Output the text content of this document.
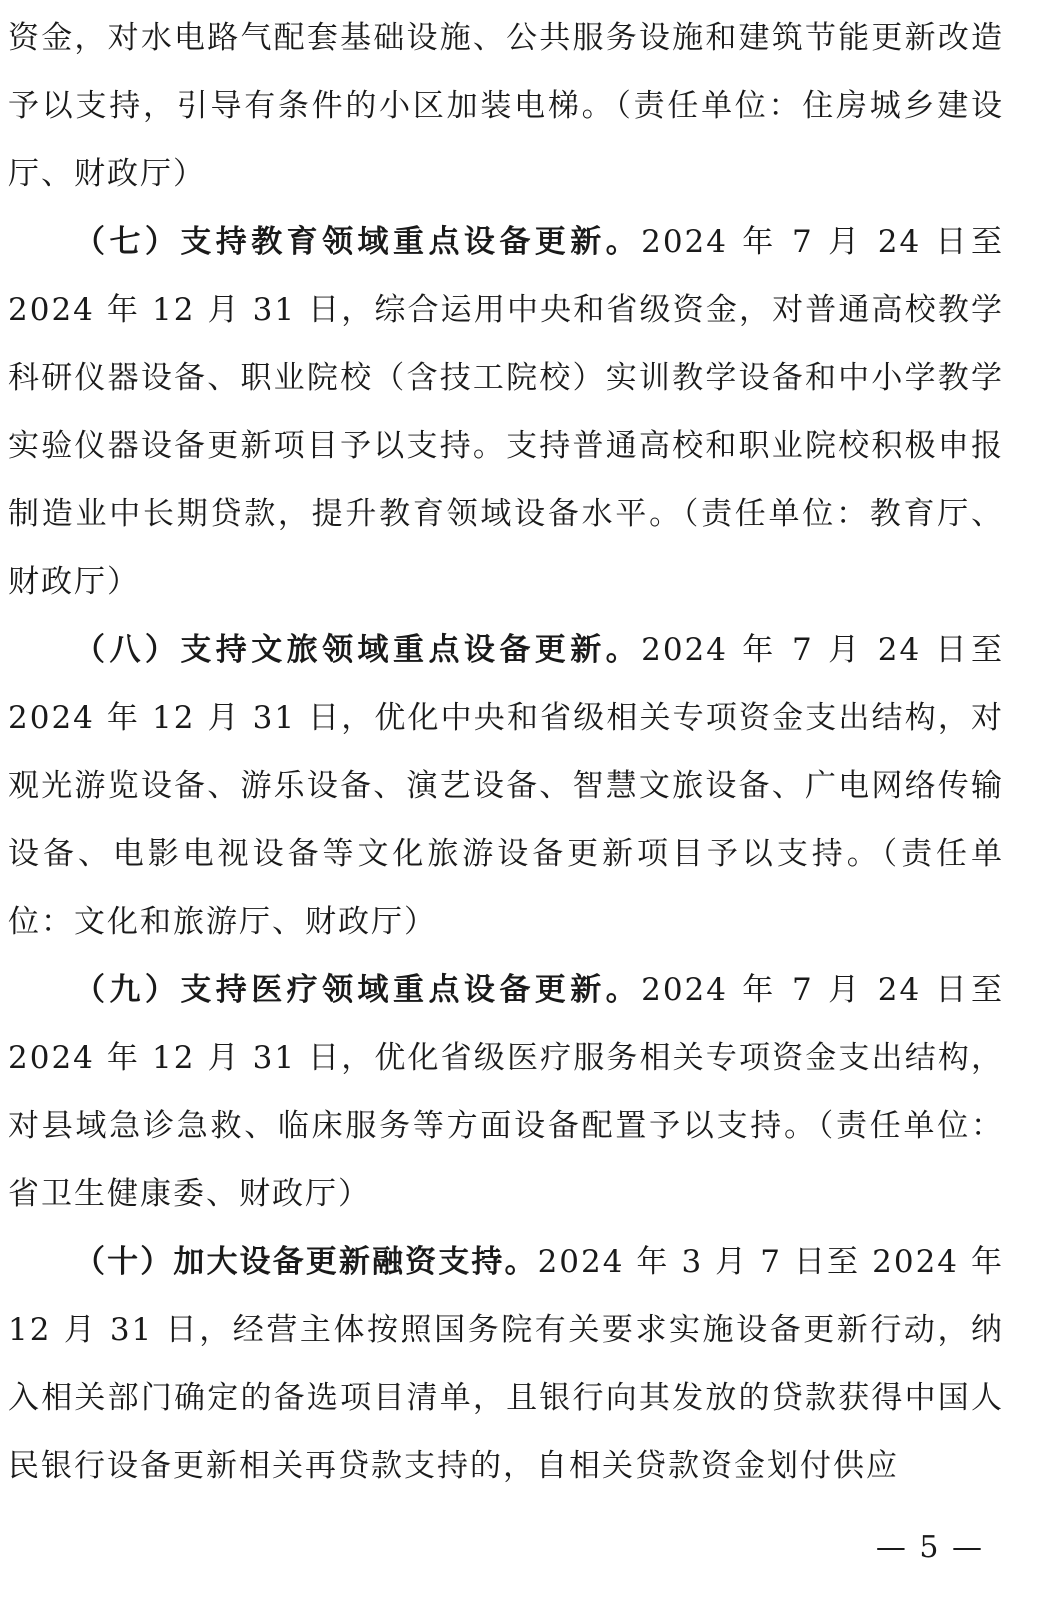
资金，对水电路气配套基础设施、公共服务设施和建筑节能更新改造予以支持，引导有条件的小区加装电梯。（责任单位：住房城乡建设厅、财政厅）

（七）支持教育领域重点设备更新。2024 年 7 月 24 日至 2024 年 12 月 31 日，综合运用中央和省级资金，对普通高校教学科研仪器设备、职业院校（含技工院校）实训教学设备和中小学教学实验仪器设备更新项目予以支持。支持普通高校和职业院校积极申报制造业中长期贷款，提升教育领域设备水平。（责任单位：教育厅、财政厅）

（八）支持文旅领域重点设备更新。2024 年 7 月 24 日至 2024 年 12 月 31 日，优化中央和省级相关专项资金支出结构，对观光游览设备、游乐设备、演艺设备、智慧文旅设备、广电网络传输设备、电影电视设备等文化旅游设备更新项目予以支持。（责任单位：文化和旅游厅、财政厅）

（九）支持医疗领域重点设备更新。2024 年 7 月 24 日至 2024 年 12 月 31 日，优化省级医疗服务相关专项资金支出结构，对县域急诊急救、临床服务等方面设备配置予以支持。（责任单位：省卫生健康委、财政厅）

（十）加大设备更新融资支持。2024 年 3 月 7 日至 2024 年 12 月 31 日，经营主体按照国务院有关要求实施设备更新行动，纳入相关部门确定的备选项目清单，且银行向其发放的贷款获得中国人民银行设备更新相关再贷款支持的，自相关贷款资金划付供应

— 5 —
